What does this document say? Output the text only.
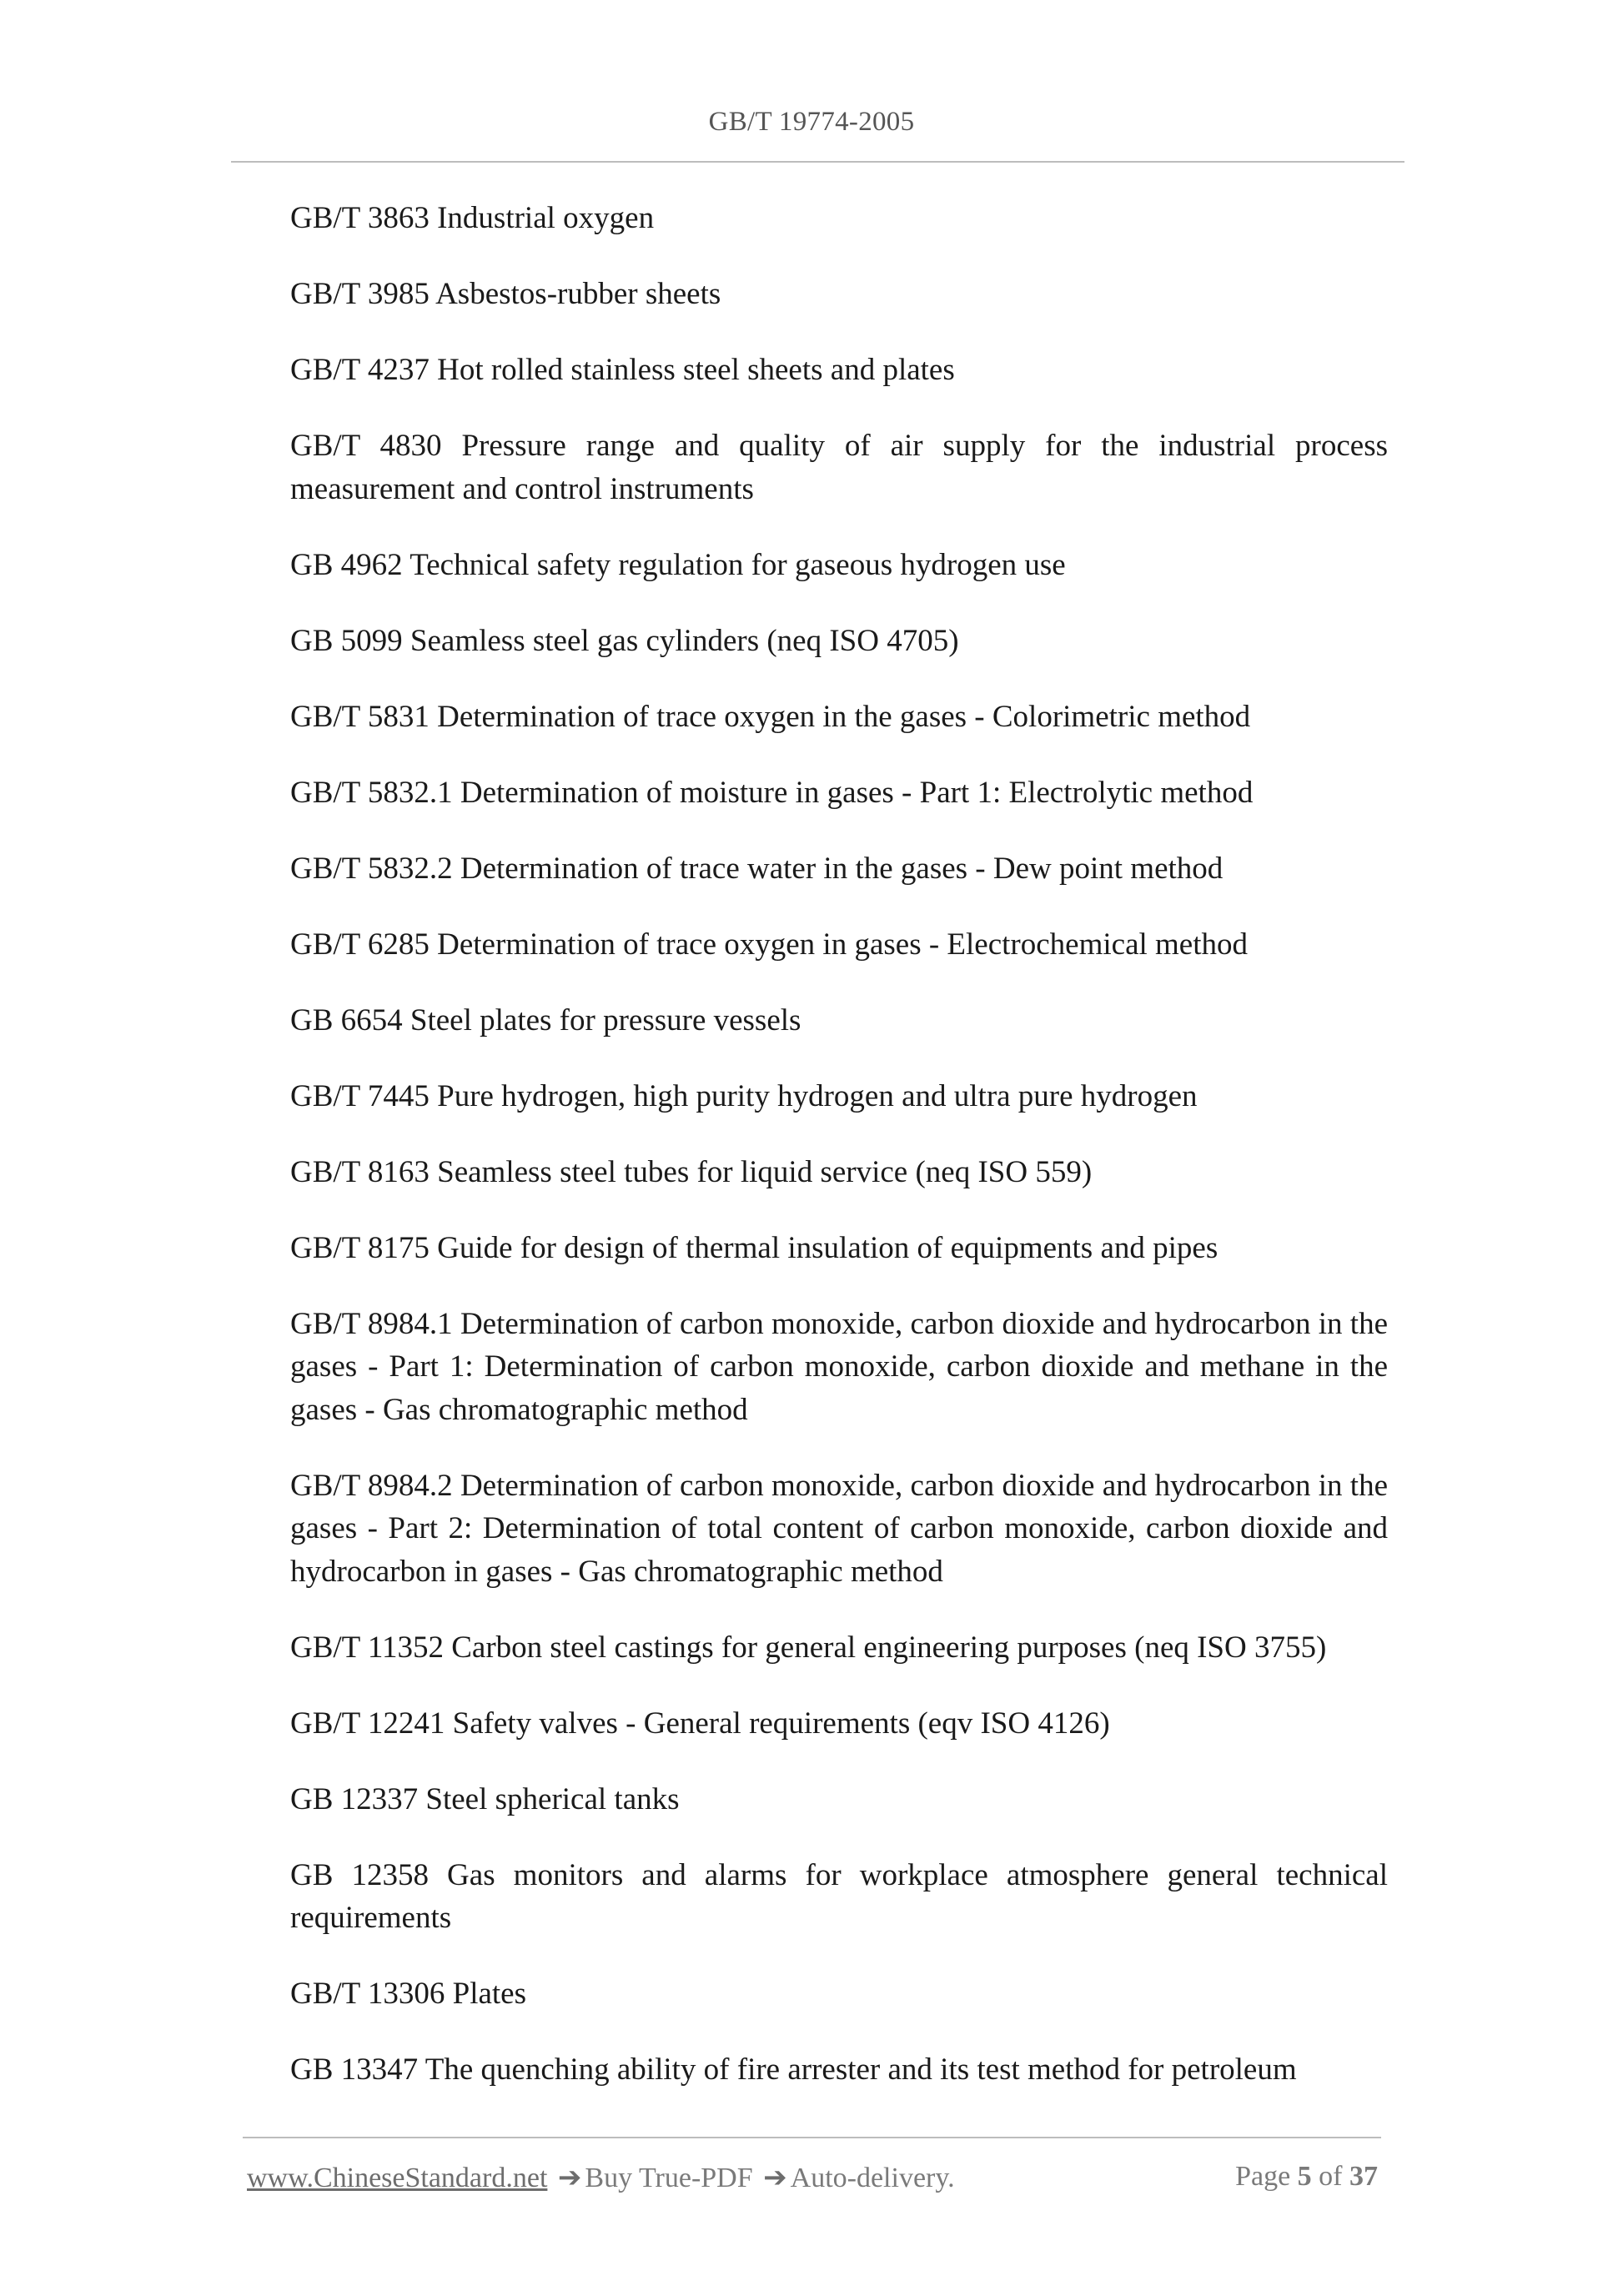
GB/T 19774-2005
GB/T 3863 Industrial oxygen
GB/T 3985 Asbestos-rubber sheets
GB/T 4237 Hot rolled stainless steel sheets and plates
GB/T 4830 Pressure range and quality of air supply for the industrial process measurement and control instruments
GB 4962 Technical safety regulation for gaseous hydrogen use
GB 5099 Seamless steel gas cylinders (neq ISO 4705)
GB/T 5831 Determination of trace oxygen in the gases - Colorimetric method
GB/T 5832.1 Determination of moisture in gases - Part 1: Electrolytic method
GB/T 5832.2 Determination of trace water in the gases - Dew point method
GB/T 6285 Determination of trace oxygen in gases - Electrochemical method
GB 6654 Steel plates for pressure vessels
GB/T 7445 Pure hydrogen, high purity hydrogen and ultra pure hydrogen
GB/T 8163 Seamless steel tubes for liquid service (neq ISO 559)
GB/T 8175 Guide for design of thermal insulation of equipments and pipes
GB/T 8984.1 Determination of carbon monoxide, carbon dioxide and hydrocarbon in the gases - Part 1: Determination of carbon monoxide, carbon dioxide and methane in the gases - Gas chromatographic method
GB/T 8984.2 Determination of carbon monoxide, carbon dioxide and hydrocarbon in the gases - Part 2: Determination of total content of carbon monoxide, carbon dioxide and hydrocarbon in gases - Gas chromatographic method
GB/T 11352 Carbon steel castings for general engineering purposes (neq ISO 3755)
GB/T 12241 Safety valves - General requirements (eqv ISO 4126)
GB 12337 Steel spherical tanks
GB 12358 Gas monitors and alarms for workplace atmosphere general technical requirements
GB/T 13306 Plates
GB 13347 The quenching ability of fire arrester and its test method for petroleum
www.ChineseStandard.net ➔ Buy True-PDF ➔ Auto-delivery.	Page 5 of 37
